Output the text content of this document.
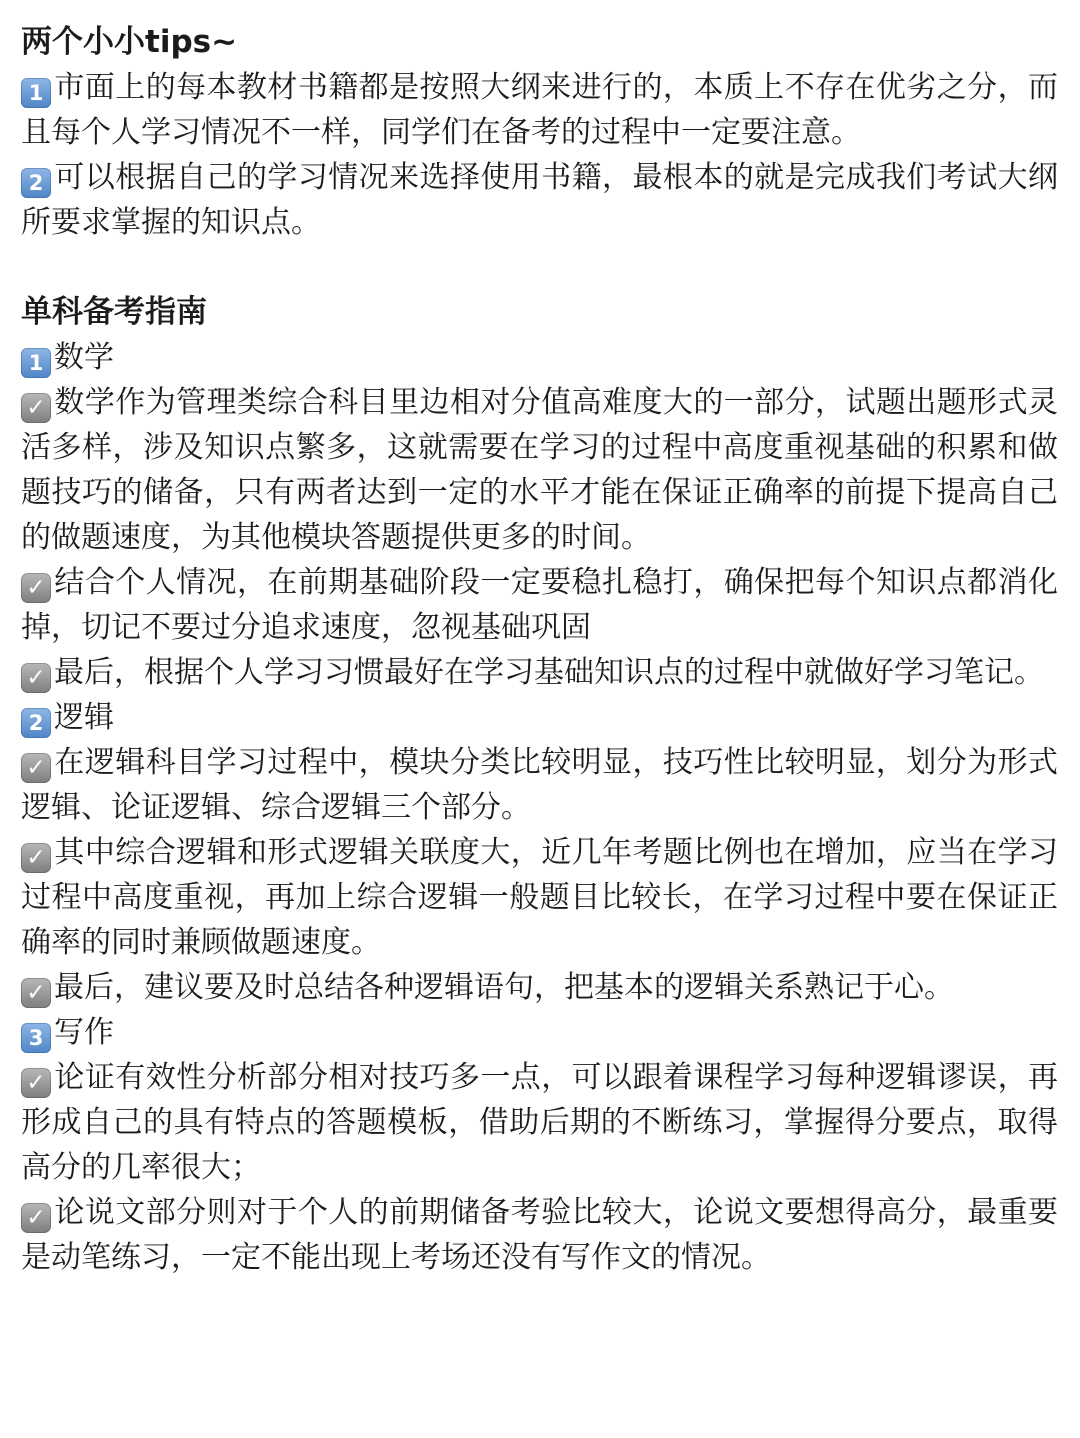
两个小小tips~

1 市面上的每本教材书籍都是按照大纲来进行的，本质上不存在优劣之分，而且每个人学习情况不一样，同学们在备考的过程中一定要注意。

2 可以根据自己的学习情况来选择使用书籍，最根本的就是完成我们考试大纲所要求掌握的知识点。

单科备考指南
1 数学

✓ 数学作为管理类综合科目里边相对分值高难度大的一部分，试题出题形式灵活多样，涉及知识点繁多，这就需要在学习的过程中高度重视基础的积累和做题技巧的储备，只有两者达到一定的水平才能在保证正确率的前提下提高自己的做题速度，为其他模块答题提供更多的时间。

✓ 结合个人情况，在前期基础阶段一定要稳扎稳打，确保把每个知识点都消化掉，切记不要过分追求速度，忽视基础巩固

✓ 最后，根据个人学习习惯最好在学习基础知识点的过程中就做好学习笔记。

2 逻辑

✓ 在逻辑科目学习过程中，模块分类比较明显，技巧性比较明显，划分为形式逻辑、论证逻辑、综合逻辑三个部分。

✓ 其中综合逻辑和形式逻辑关联度大，近几年考题比例也在增加，应当在学习过程中高度重视，再加上综合逻辑一般题目比较长，在学习过程中要在保证正确率的同时兼顾做题速度。

✓ 最后，建议要及时总结各种逻辑语句，把基本的逻辑关系熟记于心。

3 写作

✓ 论证有效性分析部分相对技巧多一点，可以跟着课程学习每种逻辑谬误，再形成自己的具有特点的答题模板，借助后期的不断练习，掌握得分要点，取得高分的几率很大；

✓ 论说文部分则对于个人的前期储备考验比较大，论说文要想得高分，最重要是动笔练习，一定不能出现上考场还没有写作文的情况。
